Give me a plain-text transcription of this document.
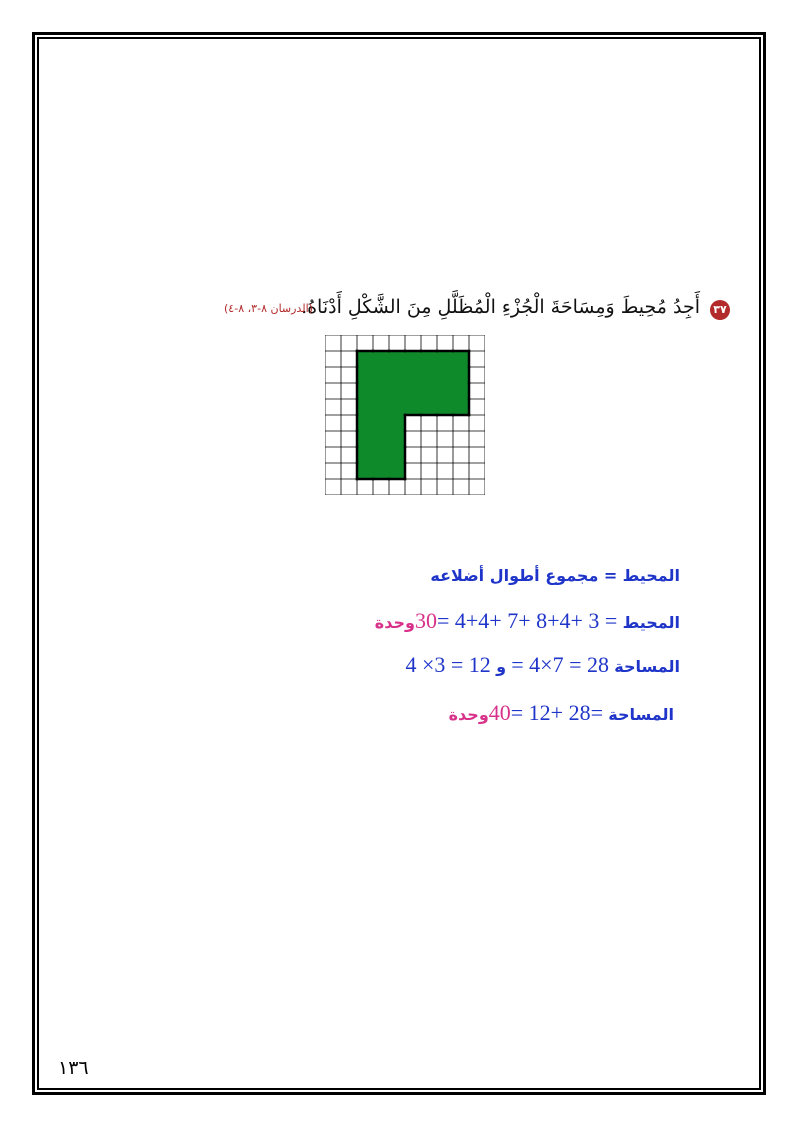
٣٧
أَجِدُ مُحِيطَ وَمِسَاحَةَ الْجُزْءِ الْمُظَلَّلِ مِنَ الشَّكْلِ أَدْنَاهُ.
(الدرسان ٨-٣، ٨-٤)
المحيط = مجموع أطوال أضلاعه
المحيط = 4+4+ 7+ 8+4+ 3 =30وحدة
المساحة = 4×7 = 28 و 4 ×3 = 12
المساحة = 12+ 28=40وحدة
١٣٦
